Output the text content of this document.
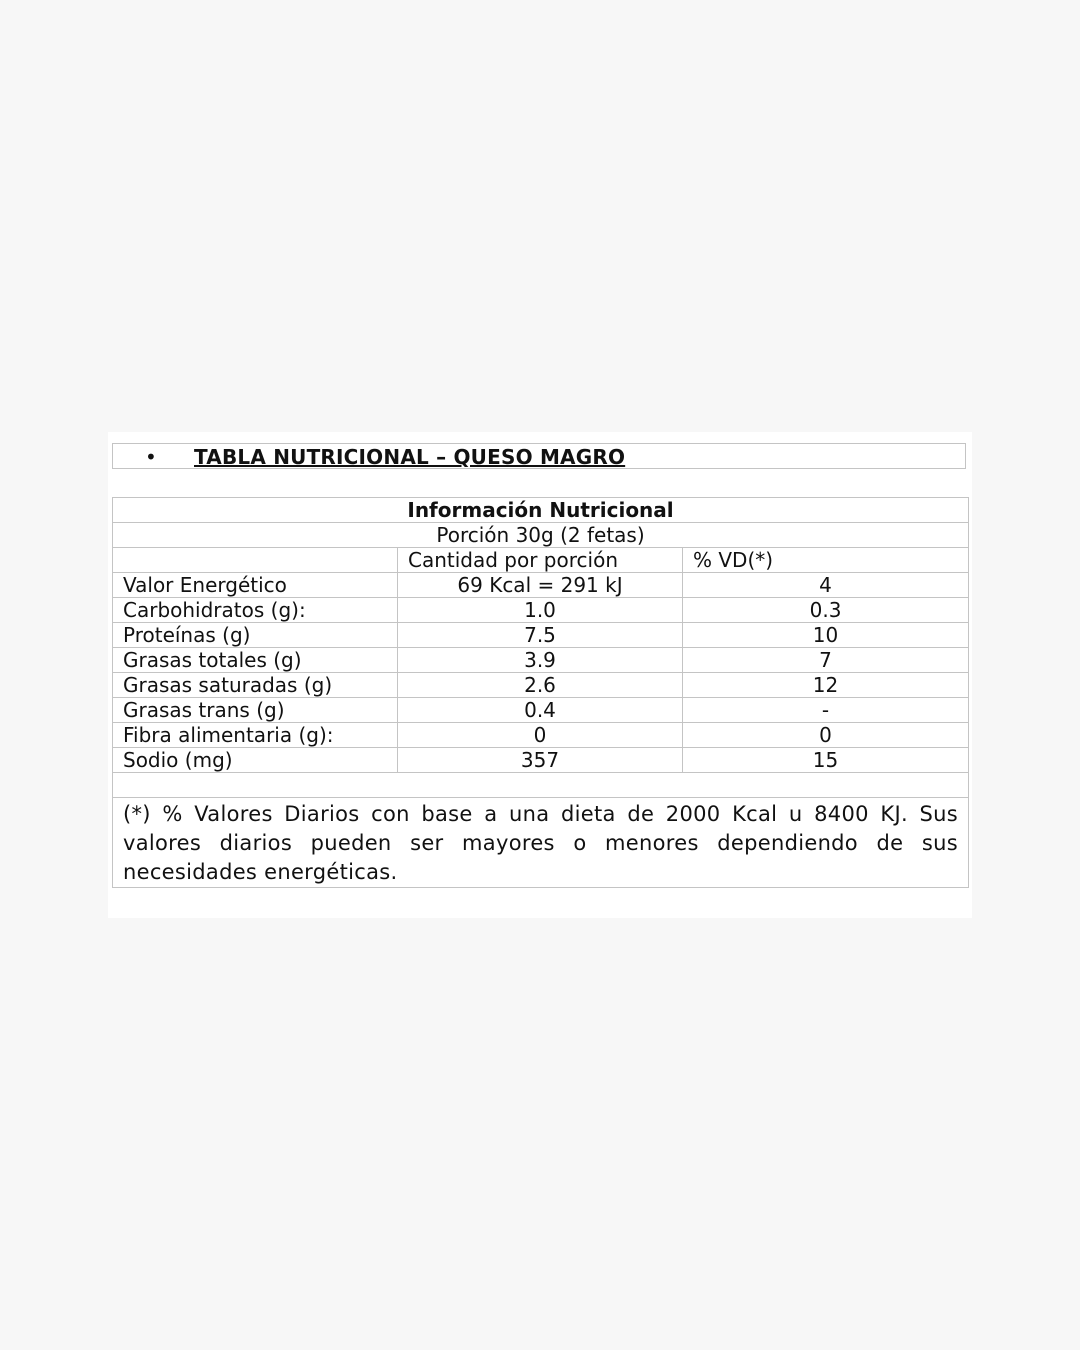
• TABLA NUTRICIONAL – QUESO MAGRO
Información Nutricional		
Porción 30g (2 fetas)		
	Cantidad por porción	% VD(*)
Valor Energético	69 Kcal = 291 kJ	4
Carbohidratos (g):	1.0	0.3
Proteínas (g)	7.5	10
Grasas totales (g)	3.9	7
Grasas saturadas (g)	2.6	12
Grasas trans (g)	0.4	-
Fibra alimentaria (g):	0	0
Sodio (mg)	357	15

(*) % Valores Diarios con base a una dieta de 2000 Kcal u 8400 KJ. Sus valores diarios pueden ser mayores o menores dependiendo de sus necesidades energéticas.		
